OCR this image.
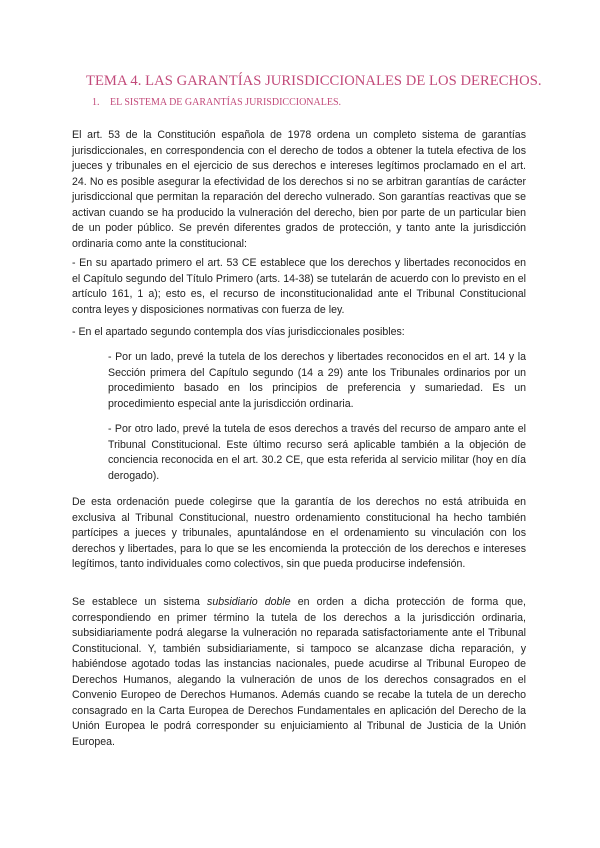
TEMA 4. LAS GARANTÍAS JURISDICCIONALES DE LOS DERECHOS.
1. EL SISTEMA DE GARANTÍAS JURISDICCIONALES.

El art. 53 de la Constitución española de 1978 ordena un completo sistema de garantías jurisdiccionales, en correspondencia con el derecho de todos a obtener la tutela efectiva de los jueces y tribunales en el ejercicio de sus derechos e intereses legítimos proclamado en el art. 24. No es posible asegurar la efectividad de los derechos si no se arbitran garantías de carácter jurisdiccional que permitan la reparación del derecho vulnerado. Son garantías reactivas que se activan cuando se ha producido la vulneración del derecho, bien por parte de un particular bien de un poder público. Se prevén diferentes grados de protección, y tanto ante la jurisdicción ordinaria como ante la constitucional:

- En su apartado primero el art. 53 CE establece que los derechos y libertades reconocidos en el Capítulo segundo del Título Primero (arts. 14-38) se tutelarán de acuerdo con lo previsto en el artículo 161, 1 a); esto es, el recurso de inconstitucionalidad ante el Tribunal Constitucional contra leyes y disposiciones normativas con fuerza de ley.

- En el apartado segundo contempla dos vías jurisdiccionales posibles:

- Por un lado, prevé la tutela de los derechos y libertades reconocidos en el art. 14 y la Sección primera del Capítulo segundo (14 a 29) ante los Tribunales ordinarios por un procedimiento basado en los principios de preferencia y sumariedad. Es un procedimiento especial ante la jurisdicción ordinaria.

- Por otro lado, prevé la tutela de esos derechos a través del recurso de amparo ante el Tribunal Constitucional. Este último recurso será aplicable también a la objeción de conciencia reconocida en el art. 30.2 CE, que esta referida al servicio militar (hoy en día derogado).

De esta ordenación puede colegirse que la garantía de los derechos no está atribuida en exclusiva al Tribunal Constitucional, nuestro ordenamiento constitucional ha hecho también partícipes a jueces y tribunales, apuntalándose en el ordenamiento su vinculación con los derechos y libertades, para lo que se les encomienda la protección de los derechos e intereses legítimos, tanto individuales como colectivos, sin que pueda producirse indefensión.

Se establece un sistema subsidiario doble en orden a dicha protección de forma que, correspondiendo en primer término la tutela de los derechos a la jurisdicción ordinaria, subsidiariamente podrá alegarse la vulneración no reparada satisfactoriamente ante el Tribunal Constitucional. Y, también subsidiariamente, si tampoco se alcanzase dicha reparación, y habiéndose agotado todas las instancias nacionales, puede acudirse al Tribunal Europeo de Derechos Humanos, alegando la vulneración de unos de los derechos consagrados en el Convenio Europeo de Derechos Humanos. Además cuando se recabe la tutela de un derecho consagrado en la Carta Europea de Derechos Fundamentales en aplicación del Derecho de la Unión Europea le podrá corresponder su enjuiciamiento al Tribunal de Justicia de la Unión Europea.
